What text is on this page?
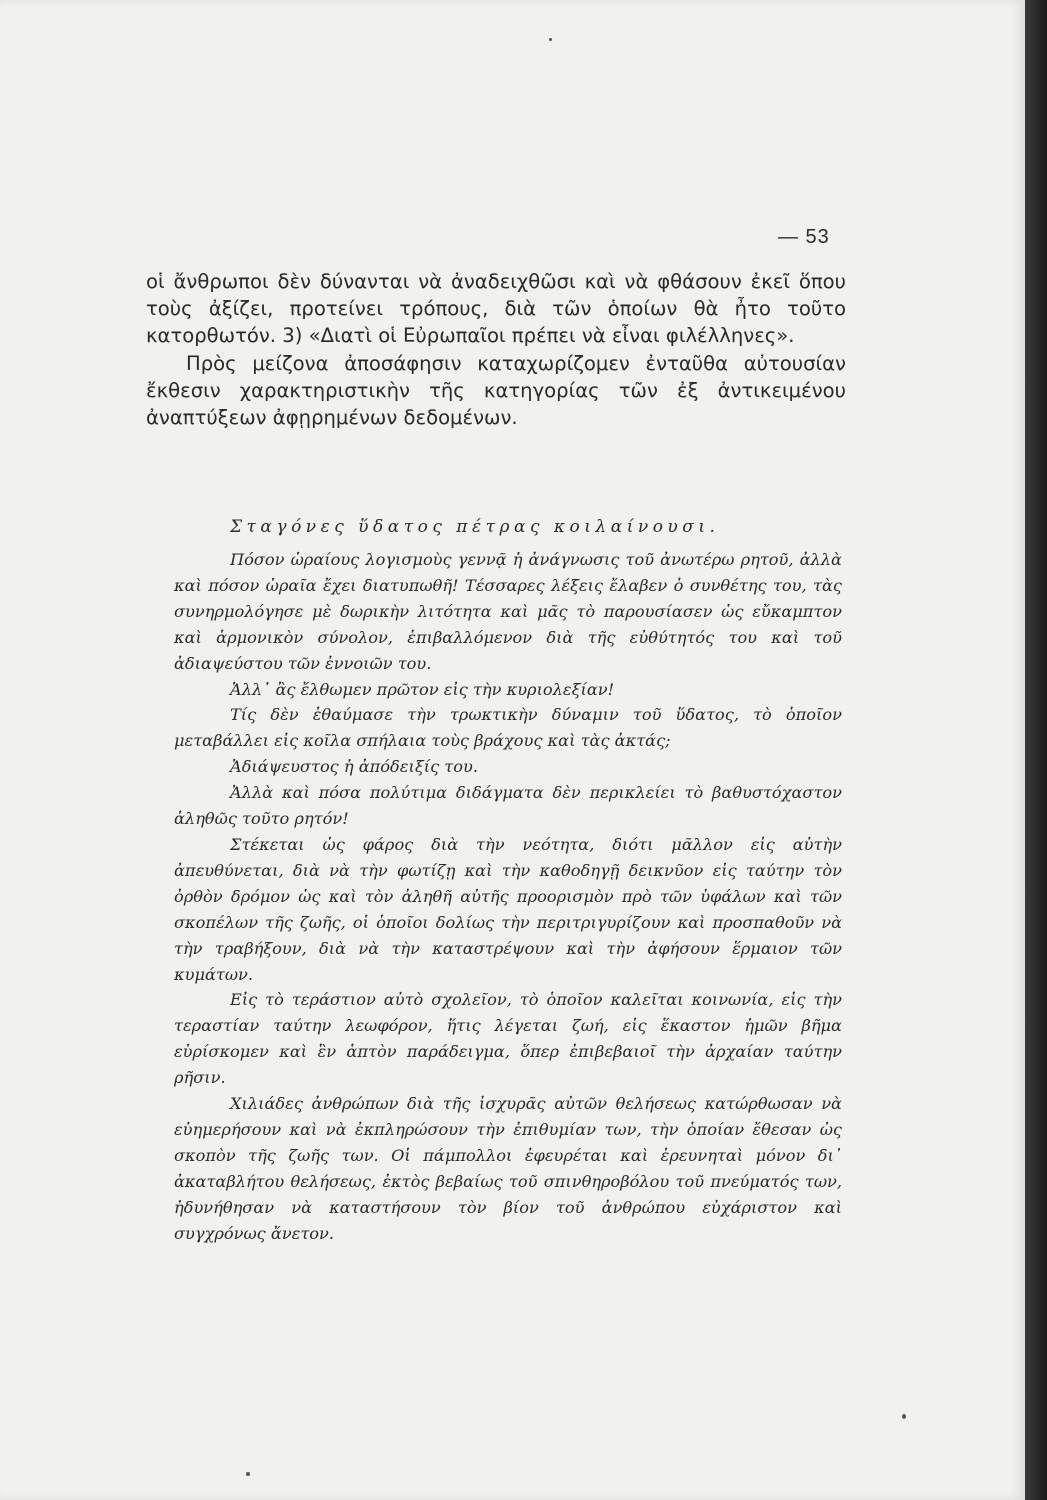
— 53

οἱ ἄνθρωποι δὲν δύνανται νὰ ἀναδειχθῶσι καὶ νὰ φθάσουν ἐκεῖ ὅπου τοὺς ἀξίζει, προτείνει τρόπους, διὰ τῶν ὁποίων θὰ ἦτο τοῦτο κατορθωτόν. 3) «Διατὶ οἱ Εὐρωπαῖοι πρέπει νὰ εἶναι φιλέλληνες».

Πρὸς μείζονα ἀποσάφησιν καταχωρίζομεν ἐνταῦθα αὐτουσίαν ἔκθεσιν χαρακτηριστικὴν τῆς κατηγορίας τῶν ἐξ ἀντικειμένου ἀναπτύξεων ἀφῃρημένων δεδομένων.

Σταγόνες ὕδατος πέτρας κοιλαίνουσι.

Πόσον ὡραίους λογισμοὺς γεννᾷ ἡ ἀνάγνωσις τοῦ ἀνωτέρω ρητοῦ, ἀλλὰ καὶ πόσον ὡραῖα ἔχει διατυπωθῆ! Τέσσαρες λέξεις ἔλαβεν ὁ συνθέτης του, τὰς συνηρμολόγησε μὲ δωρικὴν λιτότητα καὶ μᾶς τὸ παρουσίασεν ὡς εὔκαμπτον καὶ ἁρμονικὸν σύνολον, ἐπιβαλλόμενον διὰ τῆς εὐθύτητός του καὶ τοῦ ἀδιαψεύστου τῶν ἐννοιῶν του.

Ἀλλ᾽ ἂς ἔλθωμεν πρῶτον εἰς τὴν κυριολεξίαν!

Τίς δὲν ἐθαύμασε τὴν τρωκτικὴν δύναμιν τοῦ ὕδατος, τὸ ὁποῖον μεταβάλλει εἰς κοῖλα σπήλαια τοὺς βράχους καὶ τὰς ἀκτάς;

Ἀδιάψευστος ἡ ἀπόδειξίς του.

Ἀλλὰ καὶ πόσα πολύτιμα διδάγματα δὲν περικλείει τὸ βαθυστόχαστον ἀληθῶς τοῦτο ρητόν!

Στέκεται ὡς φάρος διὰ τὴν νεότητα, διότι μᾶλλον εἰς αὐτὴν ἀπευθύνεται, διὰ νὰ τὴν φωτίζῃ καὶ τὴν καθοδηγῇ δεικνῦον εἰς ταύτην τὸν ὀρθὸν δρόμον ὡς καὶ τὸν ἀληθῆ αὐτῆς προορισμὸν πρὸ τῶν ὑφάλων καὶ τῶν σκοπέλων τῆς ζωῆς, οἱ ὁποῖοι δολίως τὴν περιτριγυρίζουν καὶ προσπαθοῦν νὰ τὴν τραβήξουν, διὰ νὰ τὴν καταστρέψουν καὶ τὴν ἀφήσουν ἕρμαιον τῶν κυμάτων.

Εἰς τὸ τεράστιον αὐτὸ σχολεῖον, τὸ ὁποῖον καλεῖται κοινωνία, εἰς τὴν τεραστίαν ταύτην λεωφόρον, ἥτις λέγεται ζωή, εἰς ἕκαστον ἡμῶν βῆμα εὑρίσκομεν καὶ ἓν ἁπτὸν παράδειγμα, ὅπερ ἐπιβεβαιοῖ τὴν ἀρχαίαν ταύτην ρῆσιν.

Χιλιάδες ἀνθρώπων διὰ τῆς ἰσχυρᾶς αὐτῶν θελήσεως κατώρθωσαν νὰ εὐημερήσουν καὶ νὰ ἐκπληρώσουν τὴν ἐπιθυμίαν των, τὴν ὁποίαν ἔθεσαν ὡς σκοπὸν τῆς ζωῆς των. Οἱ πάμπολλοι ἐφευρέται καὶ ἐρευνηταὶ μόνον δι᾽ ἀκαταβλήτου θελήσεως, ἐκτὸς βεβαίως τοῦ σπινθηροβόλου τοῦ πνεύματός των, ἠδυνήθησαν νὰ καταστήσουν τὸν βίον τοῦ ἀνθρώπου εὐχάριστον καὶ συγχρόνως ἄνετον.
